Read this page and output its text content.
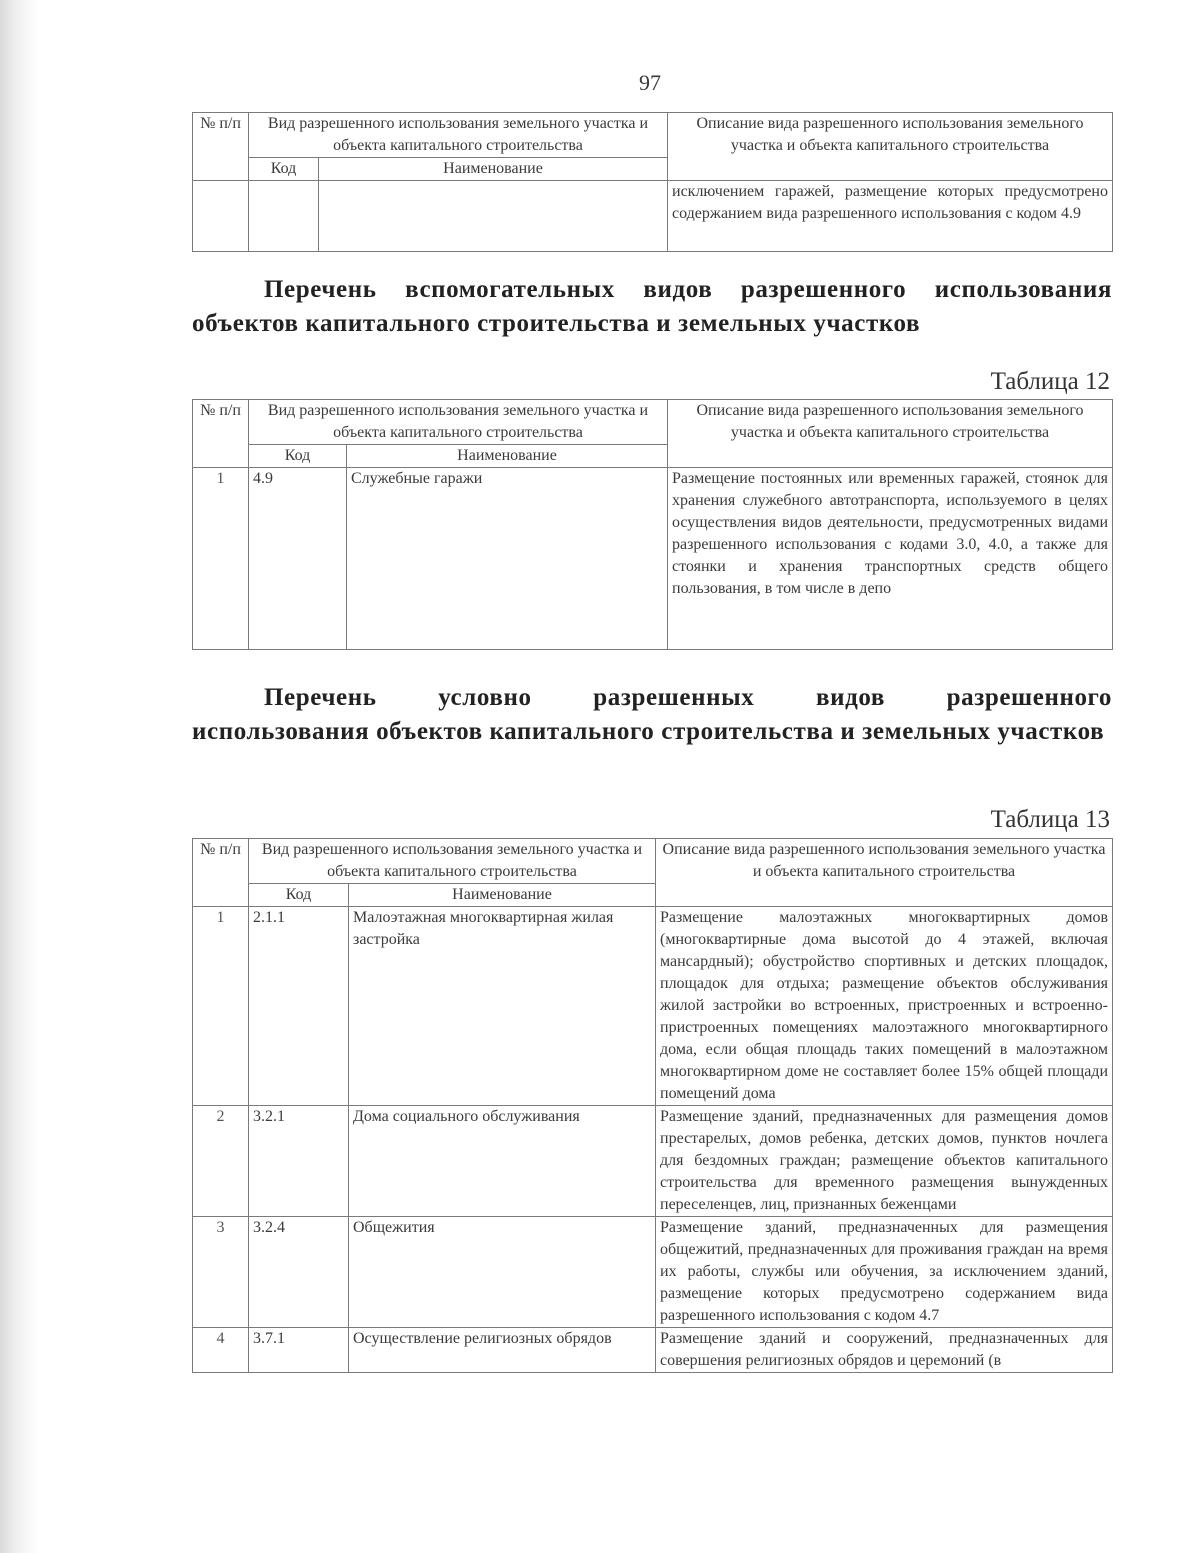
97
№ п/п	Вид разрешенного использования земельного участка и объекта капитального строительства		Описание вида разрешенного использования земельного участка и объекта капитального строительства
	Код	Наименование	
			исключением гаражей, размещение которых предусмотрено содержанием вида разрешенного использования с кодом 4.9
Перечень вспомогательных видов разрешенного использования объектов капитального строительства и земельных участков
Таблица 12
№ п/п	Вид разрешенного использования земельного участка и объекта капитального строительства		Описание вида разрешенного использования земельного участка и объекта капитального строительства
	Код	Наименование	
1	4.9	Служебные гаражи	Размещение постоянных или временных гаражей, стоянок для хранения служебного автотранспорта, используемого в целях осуществления видов деятельности, предусмотренных видами разрешенного использования с кодами 3.0, 4.0, а также для стоянки и хранения транспортных средств общего пользования, в том числе в депо
Перечень условно разрешенных видов разрешенного
использования объектов капитального строительства и земельных участков
Таблица 13
№ п/п	Вид разрешенного использования земельного участка и объекта капитального строительства		Описание вида разрешенного использования земельного участка и объекта капитального строительства
	Код	Наименование	
1	2.1.1	Малоэтажная многоквартирная жилая застройка	Размещение малоэтажных многоквартирных домов (многоквартирные дома высотой до 4 этажей, включая мансардный); обустройство спортивных и детских площадок, площадок для отдыха; размещение объектов обслуживания жилой застройки во встроенных, пристроенных и встроенно-пристроенных помещениях малоэтажного многоквартирного дома, если общая площадь таких помещений в малоэтажном многоквартирном доме не составляет более 15% общей площади помещений дома
2	3.2.1	Дома социального обслуживания	Размещение зданий, предназначенных для размещения домов престарелых, домов ребенка, детских домов, пунктов ночлега для бездомных граждан; размещение объектов капитального строительства для временного размещения вынужденных переселенцев, лиц, признанных беженцами
3	3.2.4	Общежития	Размещение зданий, предназначенных для размещения общежитий, предназначенных для проживания граждан на время их работы, службы или обучения, за исключением зданий, размещение которых предусмотрено содержанием вида разрешенного использования с кодом 4.7
4	3.7.1	Осуществление религиозных обрядов	Размещение зданий и сооружений, предназначенных для совершения религиозных обрядов и церемоний (в
